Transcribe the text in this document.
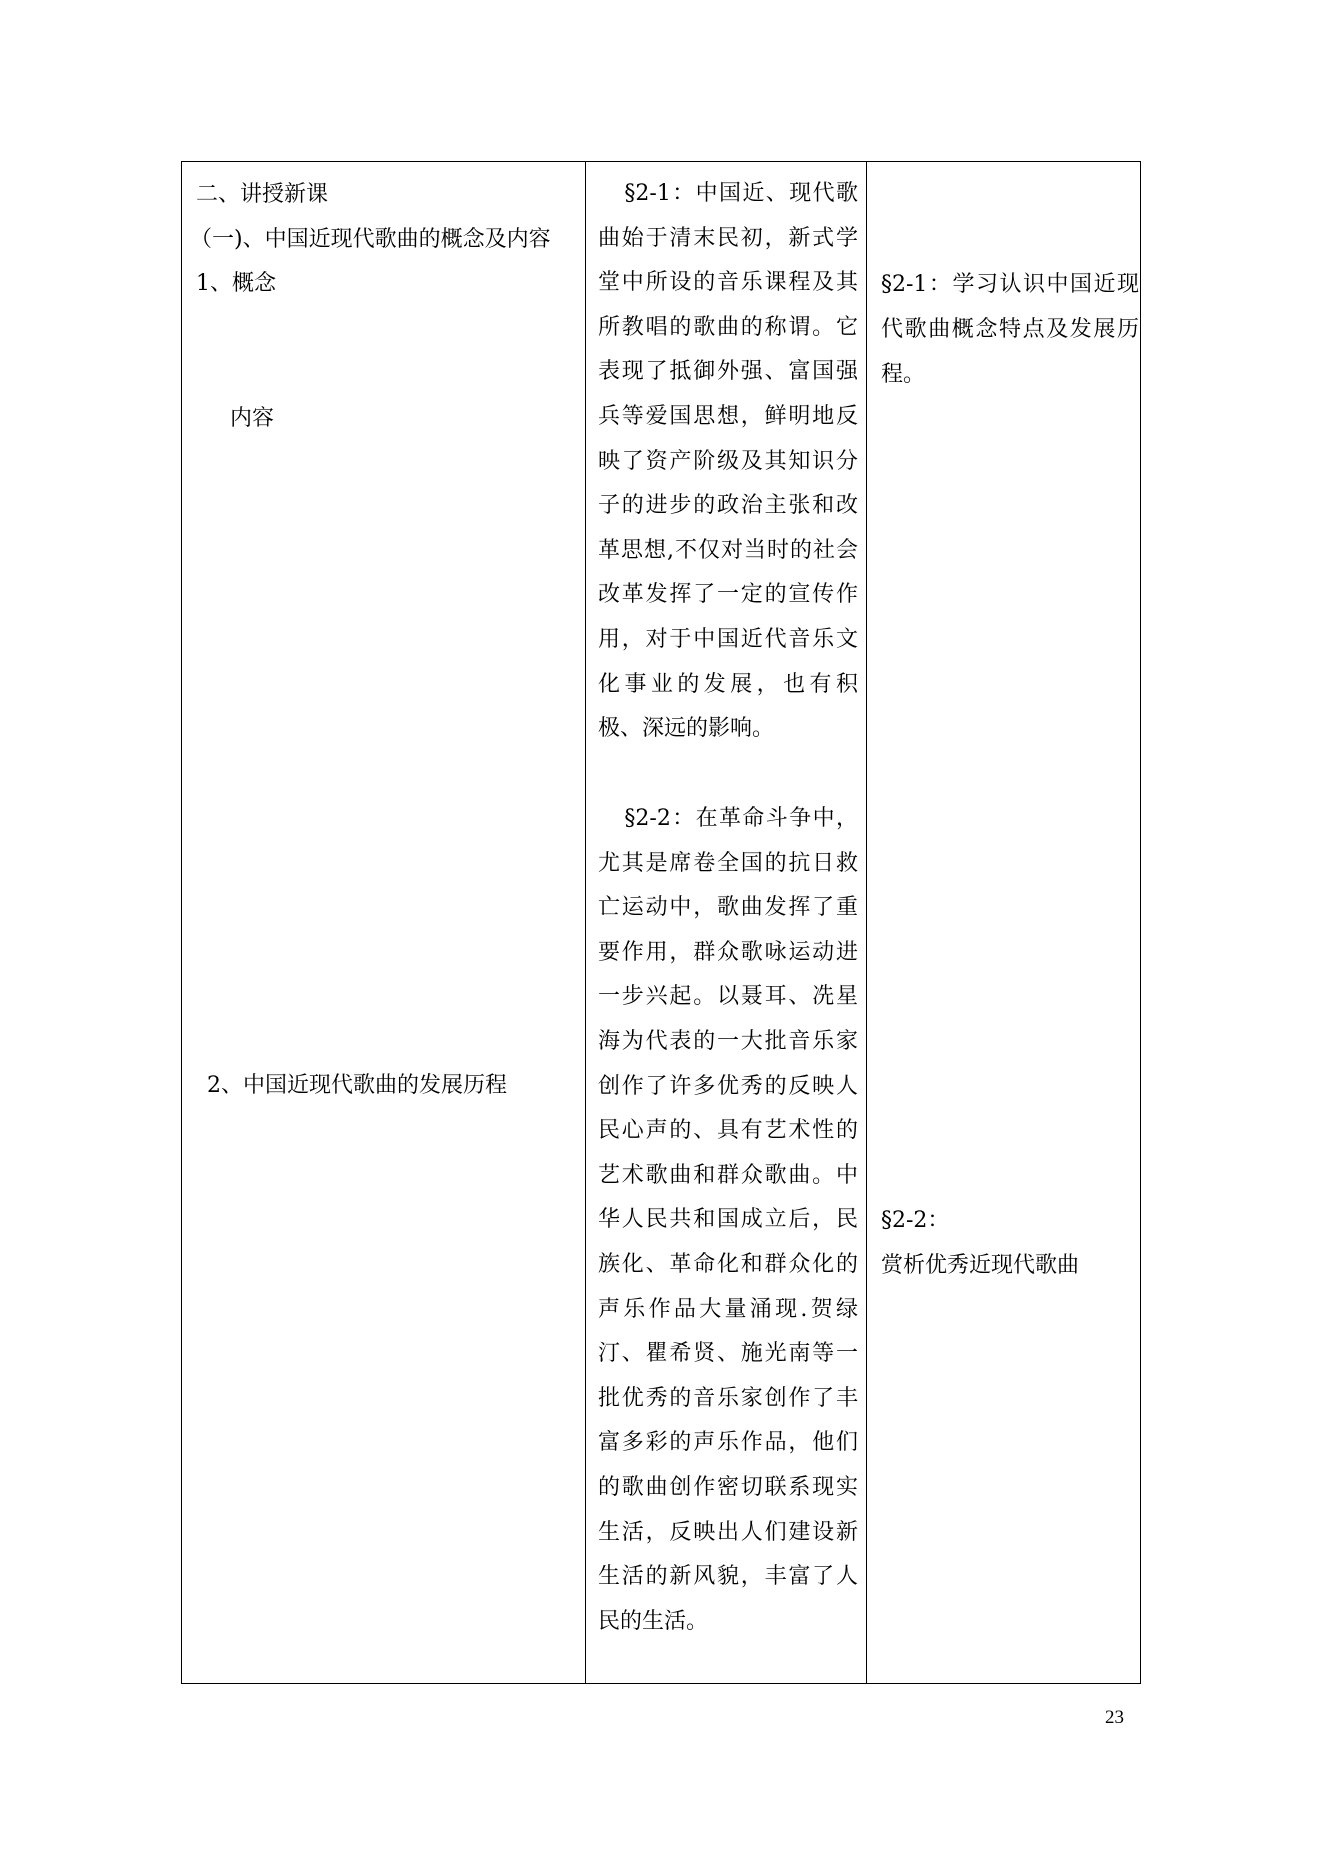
二、讲授新课
（一)、中国近现代歌曲的概念及内容
1、概念
内容
2、中国近现代歌曲的发展历程
§2-1：中国近、现代歌曲始于清末民初，新式学堂中所设的音乐课程及其所教唱的歌曲的称谓。它表现了抵御外强、富国强兵等爱国思想，鲜明地反映了资产阶级及其知识分子的进步的政治主张和改革思想,不仅对当时的社会改革发挥了一定的宣传作用，对于中国近代音乐文化事业的发展，也有积极、深远的影响。
§2-2：在革命斗争中，尤其是席卷全国的抗日救亡运动中，歌曲发挥了重要作用，群众歌咏运动进一步兴起。以聂耳、冼星海为代表的一大批音乐家创作了许多优秀的反映人民心声的、具有艺术性的艺术歌曲和群众歌曲。中华人民共和国成立后，民族化、革命化和群众化的声乐作品大量涌现.贺绿汀、瞿希贤、施光南等一批优秀的音乐家创作了丰富多彩的声乐作品，他们的歌曲创作密切联系现实生活，反映出人们建设新生活的新风貌，丰富了人民的生活。
§2-1：学习认识中国近现代歌曲概念特点及发展历程。
§2-2：
赏析优秀近现代歌曲
23
